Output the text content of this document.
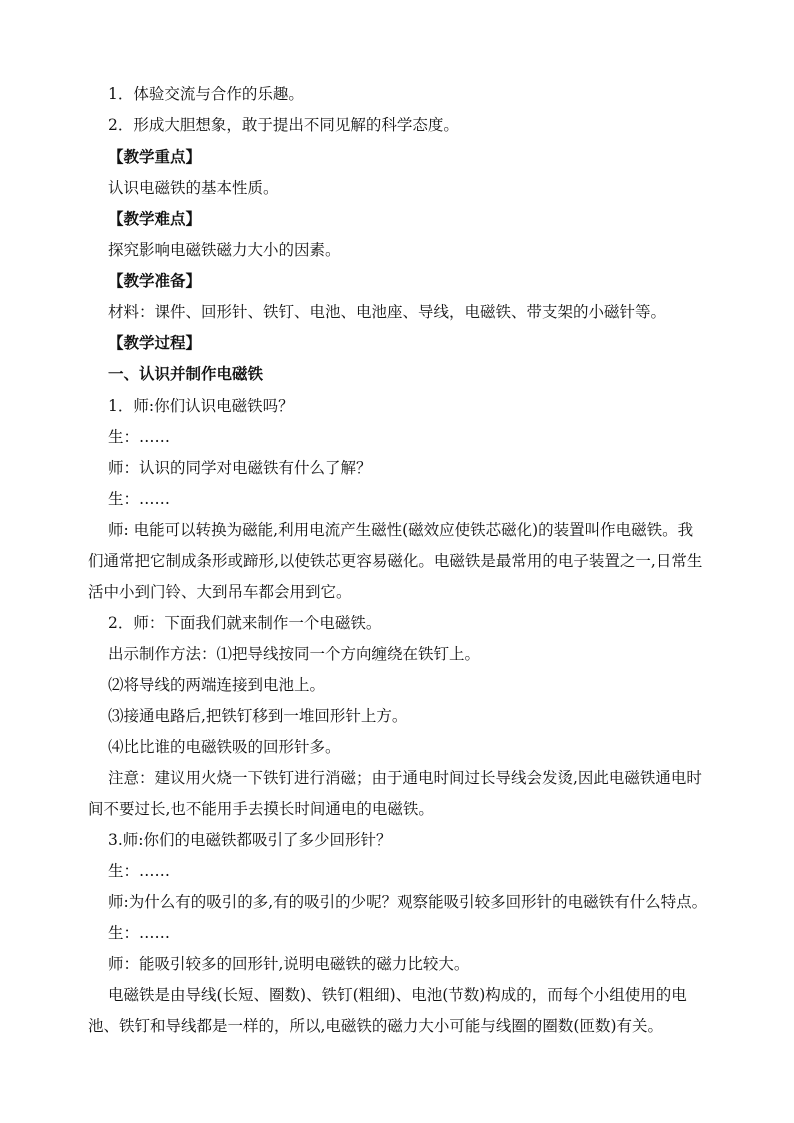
1．体验交流与合作的乐趣。
2．形成大胆想象，敢于提出不同见解的科学态度。
【教学重点】
认识电磁铁的基本性质。
【教学难点】
探究影响电磁铁磁力大小的因素。
【教学准备】
材料：课件、回形针、铁钉、电池、电池座、导线，电磁铁、带支架的小磁针等。
【教学过程】
一、认识并制作电磁铁
1．师:你们认识电磁铁吗？
生：……
师：认识的同学对电磁铁有什么了解？
生：……
师: 电能可以转换为磁能,利用电流产生磁性(磁效应使铁芯磁化)的装置叫作电磁铁。我
们通常把它制成条形或蹄形,以使铁芯更容易磁化。电磁铁是最常用的电子装置之一,日常生
活中小到门铃、大到吊车都会用到它。
2．师：下面我们就来制作一个电磁铁。
出示制作方法：⑴把导线按同一个方向缠绕在铁钉上。
⑵将导线的两端连接到电池上。
⑶接通电路后,把铁钉移到一堆回形针上方。
⑷比比谁的电磁铁吸的回形针多。
注意：建议用火烧一下铁钉进行消磁；由于通电时间过长导线会发烫,因此电磁铁通电时
间不要过长,也不能用手去摸长时间通电的电磁铁。
3.师:你们的电磁铁都吸引了多少回形针？
生：……
师:为什么有的吸引的多,有的吸引的少呢？观察能吸引较多回形针的电磁铁有什么特点。
生：……
师：能吸引较多的回形针,说明电磁铁的磁力比较大。
电磁铁是由导线(长短、圈数)、铁钉(粗细)、电池(节数)构成的，而每个小组使用的电
池、铁钉和导线都是一样的，所以,电磁铁的磁力大小可能与线圈的圈数(匝数)有关。
